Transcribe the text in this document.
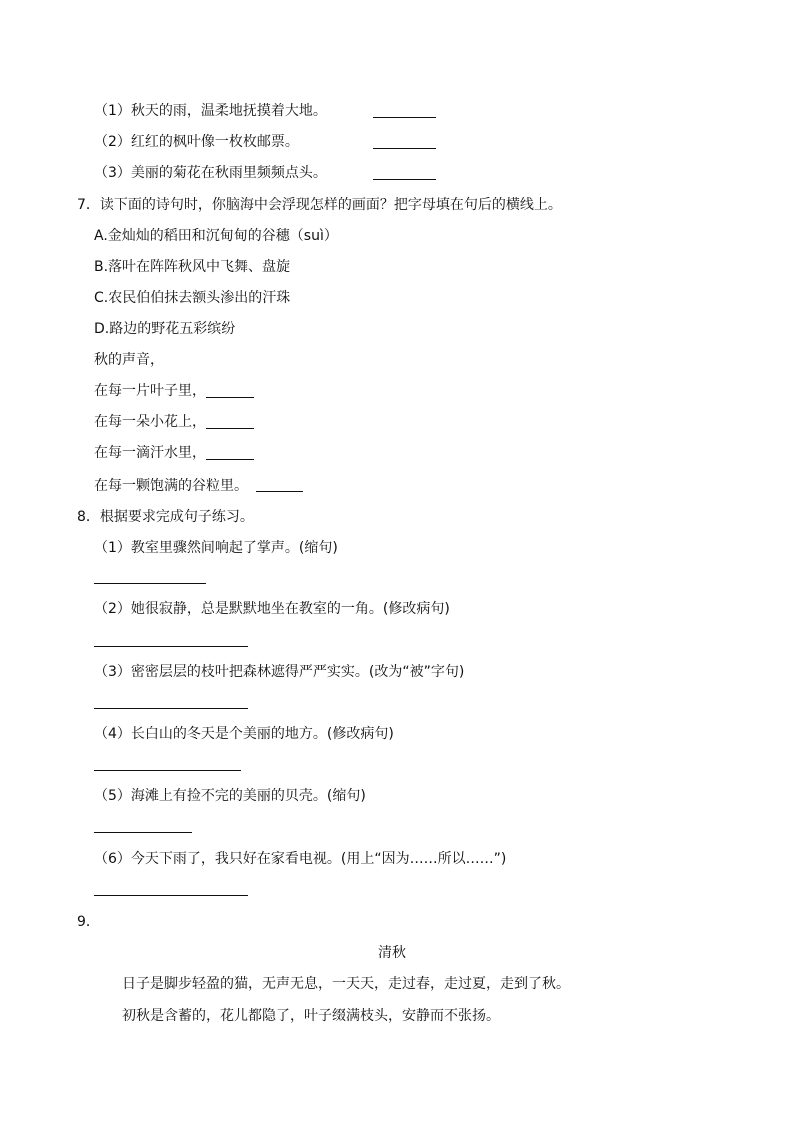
（1）秋天的雨，温柔地抚摸着大地。
（2）红红的枫叶像一枚枚邮票。
（3）美丽的菊花在秋雨里频频点头。
7．读下面的诗句时，你脑海中会浮现怎样的画面？把字母填在句后的横线上。
A.金灿灿的稻田和沉甸甸的谷穗（suì）
B.落叶在阵阵秋风中飞舞、盘旋
C.农民伯伯抹去额头渗出的汗珠
D.路边的野花五彩缤纷
秋的声音，
在每一片叶子里，
在每一朵小花上，
在每一滴汗水里，
在每一颗饱满的谷粒里。
8．根据要求完成句子练习。
（1）教室里骤然间响起了掌声。(缩句)
（2）她很寂静，总是默默地坐在教室的一角。(修改病句)
（3）密密层层的枝叶把森林遮得严严实实。(改为“被”字句)
（4）长白山的冬天是个美丽的地方。(修改病句)
（5）海滩上有捡不完的美丽的贝壳。(缩句)
（6）今天下雨了，我只好在家看电视。(用上“因为……所以……”)
9．
清秋
日子是脚步轻盈的猫，无声无息，一天天，走过春，走过夏，走到了秋。
初秋是含蓄的，花儿都隐了，叶子缀满枝头，安静而不张扬。
